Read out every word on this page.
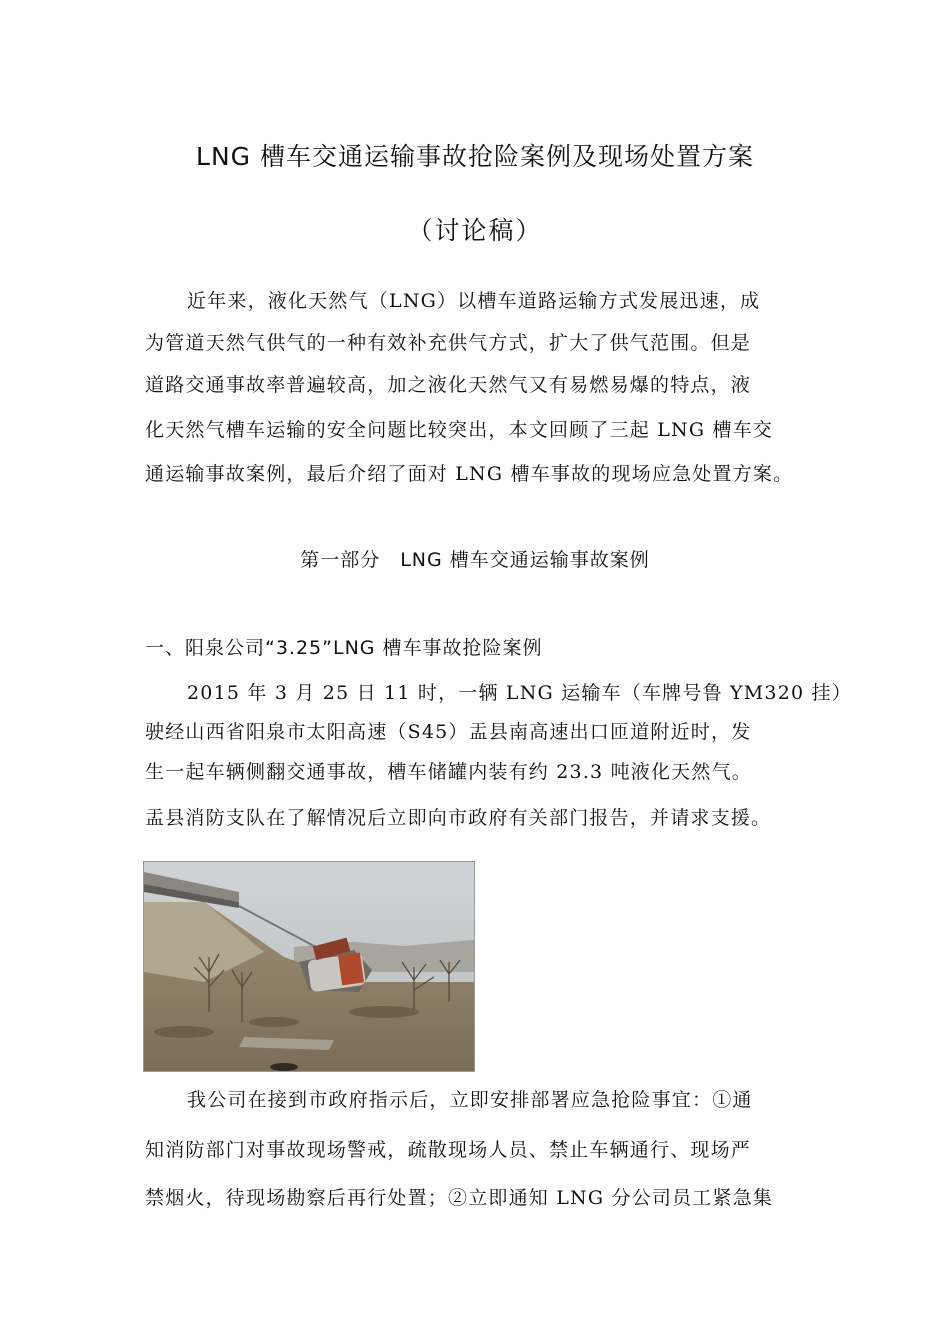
LNG 槽车交通运输事故抢险案例及现场处置方案
（讨论稿）
近年来，液化天然气（LNG）以槽车道路运输方式发展迅速，成
为管道天然气供气的一种有效补充供气方式，扩大了供气范围。但是
道路交通事故率普遍较高，加之液化天然气又有易燃易爆的特点，液
化天然气槽车运输的安全问题比较突出，本文回顾了三起 LNG 槽车交
通运输事故案例，最后介绍了面对 LNG 槽车事故的现场应急处置方案。
第一部分　LNG 槽车交通运输事故案例
一、阳泉公司“3.25”LNG 槽车事故抢险案例
2015 年 3 月 25 日 11 时，一辆 LNG 运输车（车牌号鲁 YM320 挂）
驶经山西省阳泉市太阳高速（S45）盂县南高速出口匝道附近时，发
生一起车辆侧翻交通事故，槽车储罐内装有约 23.3 吨液化天然气。
盂县消防支队在了解情况后立即向市政府有关部门报告，并请求支援。
我公司在接到市政府指示后，立即安排部署应急抢险事宜：①通
知消防部门对事故现场警戒，疏散现场人员、禁止车辆通行、现场严
禁烟火，待现场勘察后再行处置；②立即通知 LNG 分公司员工紧急集
